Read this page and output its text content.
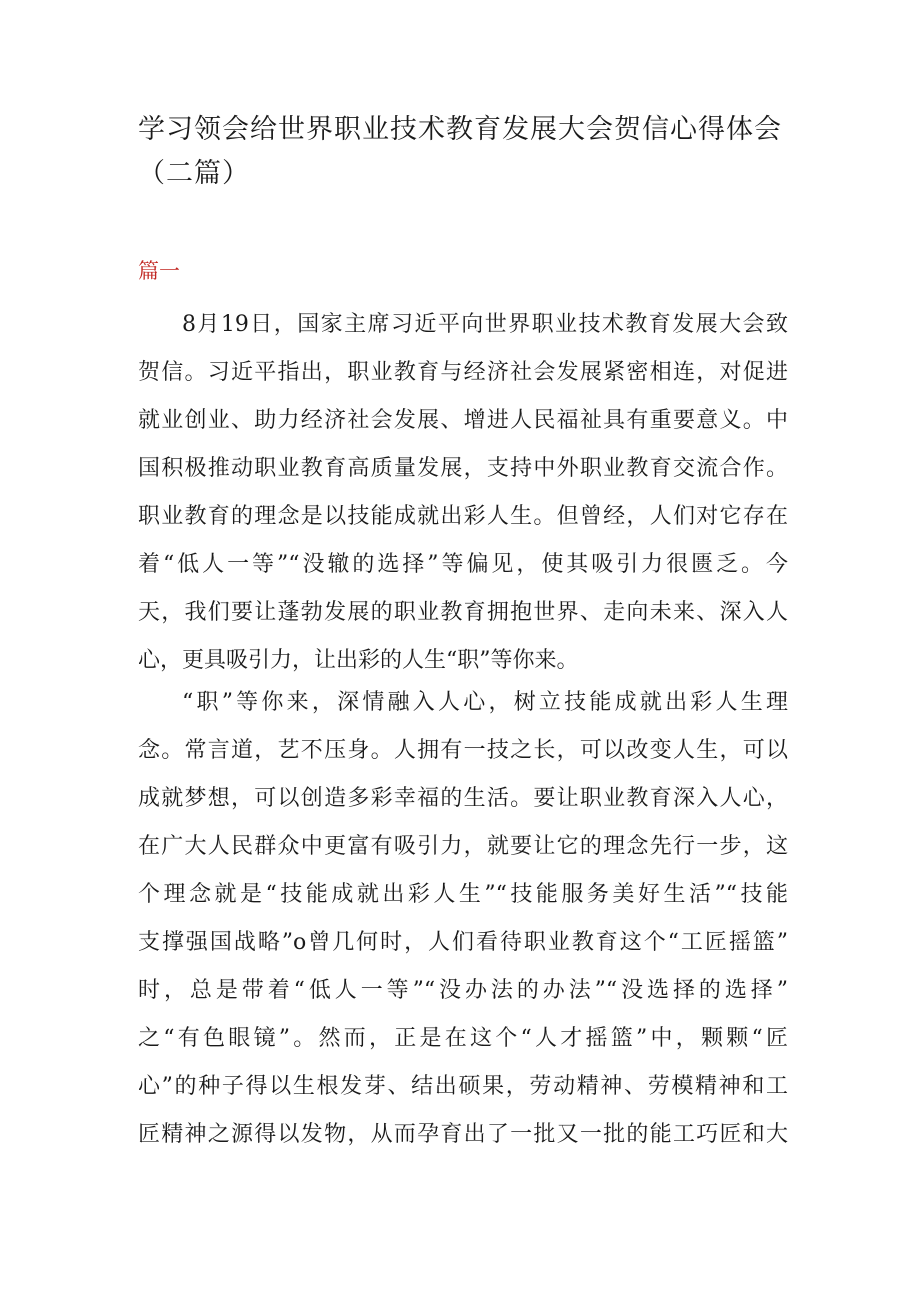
学习领会给世界职业技术教育发展大会贺信心得体会
（二篇）
篇一
8月19日，国家主席习近平向世界职业技术教育发展大会致
贺信。习近平指出，职业教育与经济社会发展紧密相连，对促进
就业创业、助力经济社会发展、增进人民福祉具有重要意义。中
国积极推动职业教育高质量发展，支持中外职业教育交流合作。
职业教育的理念是以技能成就出彩人生。但曾经，人们对它存在
着“低人一等”“没辙的选择”等偏见，使其吸引力很匮乏。今
天，我们要让蓬勃发展的职业教育拥抱世界、走向未来、深入人
心，更具吸引力，让出彩的人生“职”等你来。
“职”等你来，深情融入人心，树立技能成就出彩人生理
念。常言道，艺不压身。人拥有一技之长，可以改变人生，可以
成就梦想，可以创造多彩幸福的生活。要让职业教育深入人心，
在广大人民群众中更富有吸引力，就要让它的理念先行一步，这
个理念就是“技能成就出彩人生”“技能服务美好生活”“技能
支撑强国战略”o曾几何时，人们看待职业教育这个“工匠摇篮”
时，总是带着“低人一等”“没办法的办法”“没选择的选择”
之“有色眼镜”。然而，正是在这个“人才摇篮”中，颗颗“匠
心”的种子得以生根发芽、结出硕果，劳动精神、劳模精神和工
匠精神之源得以发物，从而孕育出了一批又一批的能工巧匠和大
